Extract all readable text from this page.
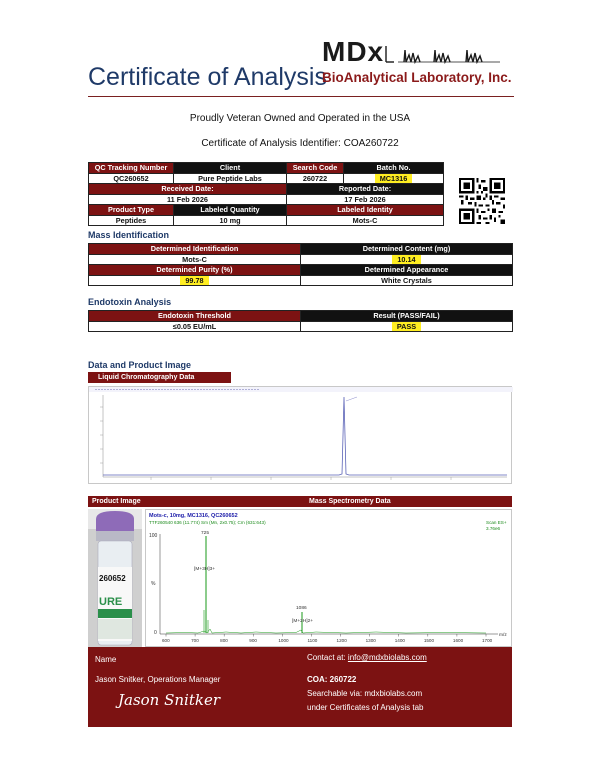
MDx
Certificate of Analysis
BioAnalytical Laboratory, Inc.
Proudly Veteran Owned and Operated in the USA
Certificate of Analysis Identifier: COA260722
QC Tracking Number	Client	Search Code	Batch No.
QC260652	Pure Peptide Labs	260722	MC1316
Received Date:		Reported Date:	
11 Feb 2026		17 Feb 2026	
Product Type	Labeled Quantity	Labeled Identity	
Peptides	10 mg	Mots-C	
Mass Identification
Determined Identification	Determined Content (mg)
Mots-C	10.14
Determined Purity (%)	Determined Appearance
99.78	White Crystals
Endotoxin Analysis
Endotoxin Threshold	Result (PASS/FAIL)
≤0.05 EU/mL	PASS
Data and Product Image
Liquid Chromatography Data
Product Image	Mass Spectrometry Data
260652
URE
Mots-c, 10mg, MC1316, QC260652
TTF260540 636 (11.774) Sm (Mn, 2x0.75); Cm (631:643)	Scan ES+
3.76e6
100
%
0
600	700	800	900	1000	1100	1200	1300	1400	1500	1600	1700
m/z
725
[M+3H]3+
1086
[M+2H]2+
Name
Jason Snitker, Operations Manager
Jason Snitker
Contact at: info@mdxbiolabs.com
COA: 260722
Searchable via: mdxbiolabs.com
under Certificates of Analysis tab
